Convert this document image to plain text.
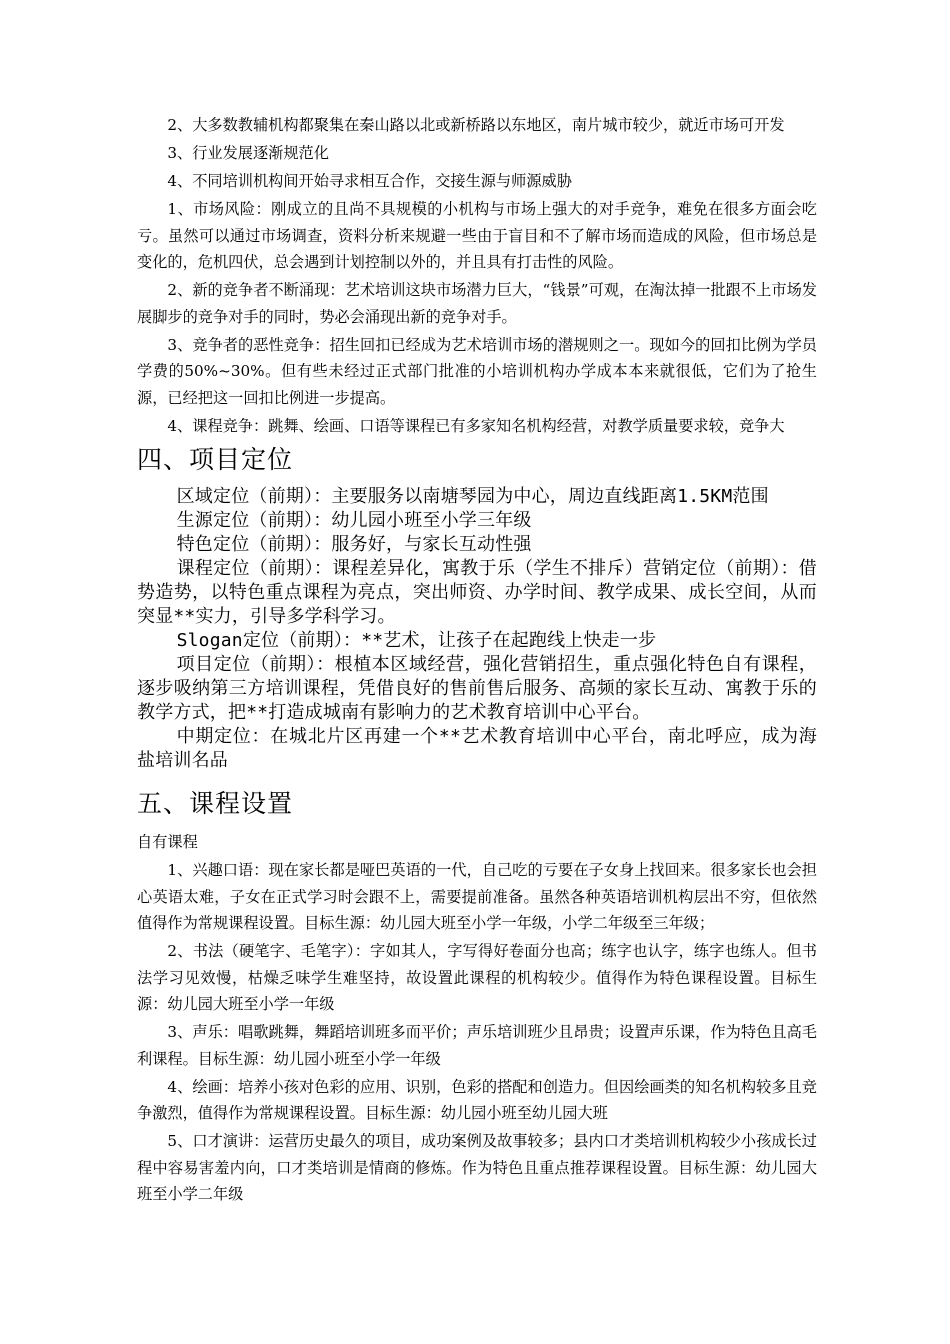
2、大多数教辅机构都聚集在秦山路以北或新桥路以东地区，南片城市较少，就近市场可开发

3、行业发展逐渐规范化

4、不同培训机构间开始寻求相互合作，交接生源与师源威胁

1、市场风险：刚成立的且尚不具规模的小机构与市场上强大的对手竞争，难免在很多方面会吃亏。虽然可以通过市场调查，资料分析来规避一些由于盲目和不了解市场而造成的风险，但市场总是变化的，危机四伏，总会遇到计划控制以外的，并且具有打击性的风险。

2、新的竞争者不断涌现：艺术培训这块市场潜力巨大，“钱景”可观，在淘汰掉一批跟不上市场发展脚步的竞争对手的同时，势必会涌现出新的竞争对手。

3、竞争者的恶性竞争：招生回扣已经成为艺术培训市场的潜规则之一。现如今的回扣比例为学员学费的50%~30%。但有些未经过正式部门批准的小培训机构办学成本本来就很低，它们为了抢生源，已经把这一回扣比例进一步提高。

4、课程竞争：跳舞、绘画、口语等课程已有多家知名机构经营，对教学质量要求较，竞争大

四、项目定位

区域定位（前期）：主要服务以南塘琴园为中心，周边直线距离1.5KM范围

生源定位（前期）：幼儿园小班至小学三年级

特色定位（前期）：服务好，与家长互动性强

课程定位（前期）：课程差异化，寓教于乐（学生不排斥）营销定位（前期）：借势造势，以特色重点课程为亮点，突出师资、办学时间、教学成果、成长空间，从而突显**实力，引导多学科学习。

Slogan定位（前期）：**艺术，让孩子在起跑线上快走一步

项目定位（前期）：根植本区域经营，强化营销招生，重点强化特色自有课程，逐步吸纳第三方培训课程，凭借良好的售前售后服务、高频的家长互动、寓教于乐的教学方式，把**打造成城南有影响力的艺术教育培训中心平台。

中期定位：在城北片区再建一个**艺术教育培训中心平台，南北呼应，成为海盐培训名品

五、课程设置

自有课程

1、兴趣口语：现在家长都是哑巴英语的一代，自己吃的亏要在子女身上找回来。很多家长也会担心英语太难，子女在正式学习时会跟不上，需要提前准备。虽然各种英语培训机构层出不穷，但依然值得作为常规课程设置。目标生源：幼儿园大班至小学一年级，小学二年级至三年级；

2、书法（硬笔字、毛笔字）：字如其人，字写得好卷面分也高；练字也认字，练字也练人。但书法学习见效慢，枯燥乏味学生难坚持，故设置此课程的机构较少。值得作为特色课程设置。目标生源：幼儿园大班至小学一年级

3、声乐：唱歌跳舞，舞蹈培训班多而平价；声乐培训班少且昂贵；设置声乐课，作为特色且高毛利课程。目标生源：幼儿园小班至小学一年级

4、绘画：培养小孩对色彩的应用、识别，色彩的搭配和创造力。但因绘画类的知名机构较多且竞争激烈，值得作为常规课程设置。目标生源：幼儿园小班至幼儿园大班

5、口才演讲：运营历史最久的项目，成功案例及故事较多；县内口才类培训机构较少小孩成长过程中容易害羞内向，口才类培训是情商的修炼。作为特色且重点推荐课程设置。目标生源：幼儿园大班至小学二年级
